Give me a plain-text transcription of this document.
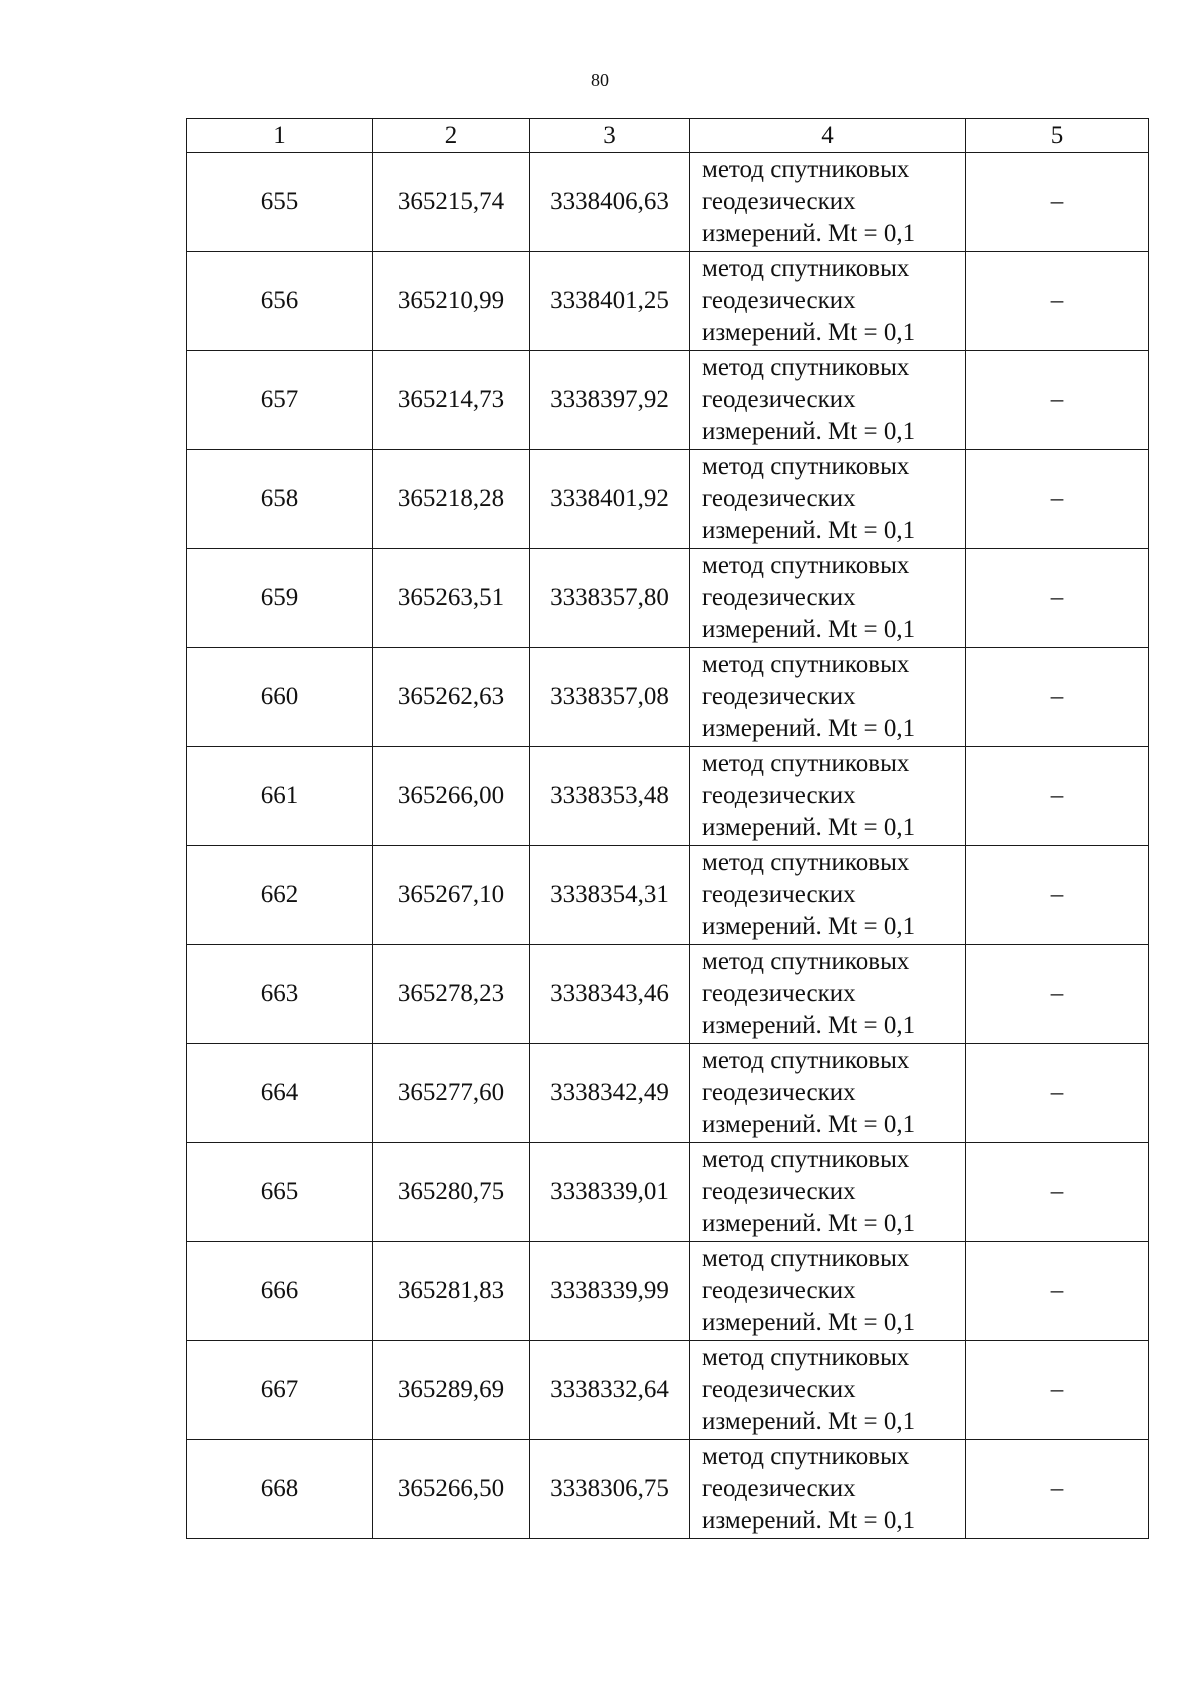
80
1	2	3	4	5
655	365215,74	3338406,63	метод спутниковых
геодезических
измерений. Mt = 0,1	–
656	365210,99	3338401,25	метод спутниковых
геодезических
измерений. Mt = 0,1	–
657	365214,73	3338397,92	метод спутниковых
геодезических
измерений. Mt = 0,1	–
658	365218,28	3338401,92	метод спутниковых
геодезических
измерений. Mt = 0,1	–
659	365263,51	3338357,80	метод спутниковых
геодезических
измерений. Mt = 0,1	–
660	365262,63	3338357,08	метод спутниковых
геодезических
измерений. Mt = 0,1	–
661	365266,00	3338353,48	метод спутниковых
геодезических
измерений. Mt = 0,1	–
662	365267,10	3338354,31	метод спутниковых
геодезических
измерений. Mt = 0,1	–
663	365278,23	3338343,46	метод спутниковых
геодезических
измерений. Mt = 0,1	–
664	365277,60	3338342,49	метод спутниковых
геодезических
измерений. Mt = 0,1	–
665	365280,75	3338339,01	метод спутниковых
геодезических
измерений. Mt = 0,1	–
666	365281,83	3338339,99	метод спутниковых
геодезических
измерений. Mt = 0,1	–
667	365289,69	3338332,64	метод спутниковых
геодезических
измерений. Mt = 0,1	–
668	365266,50	3338306,75	метод спутниковых
геодезических
измерений. Mt = 0,1	–
